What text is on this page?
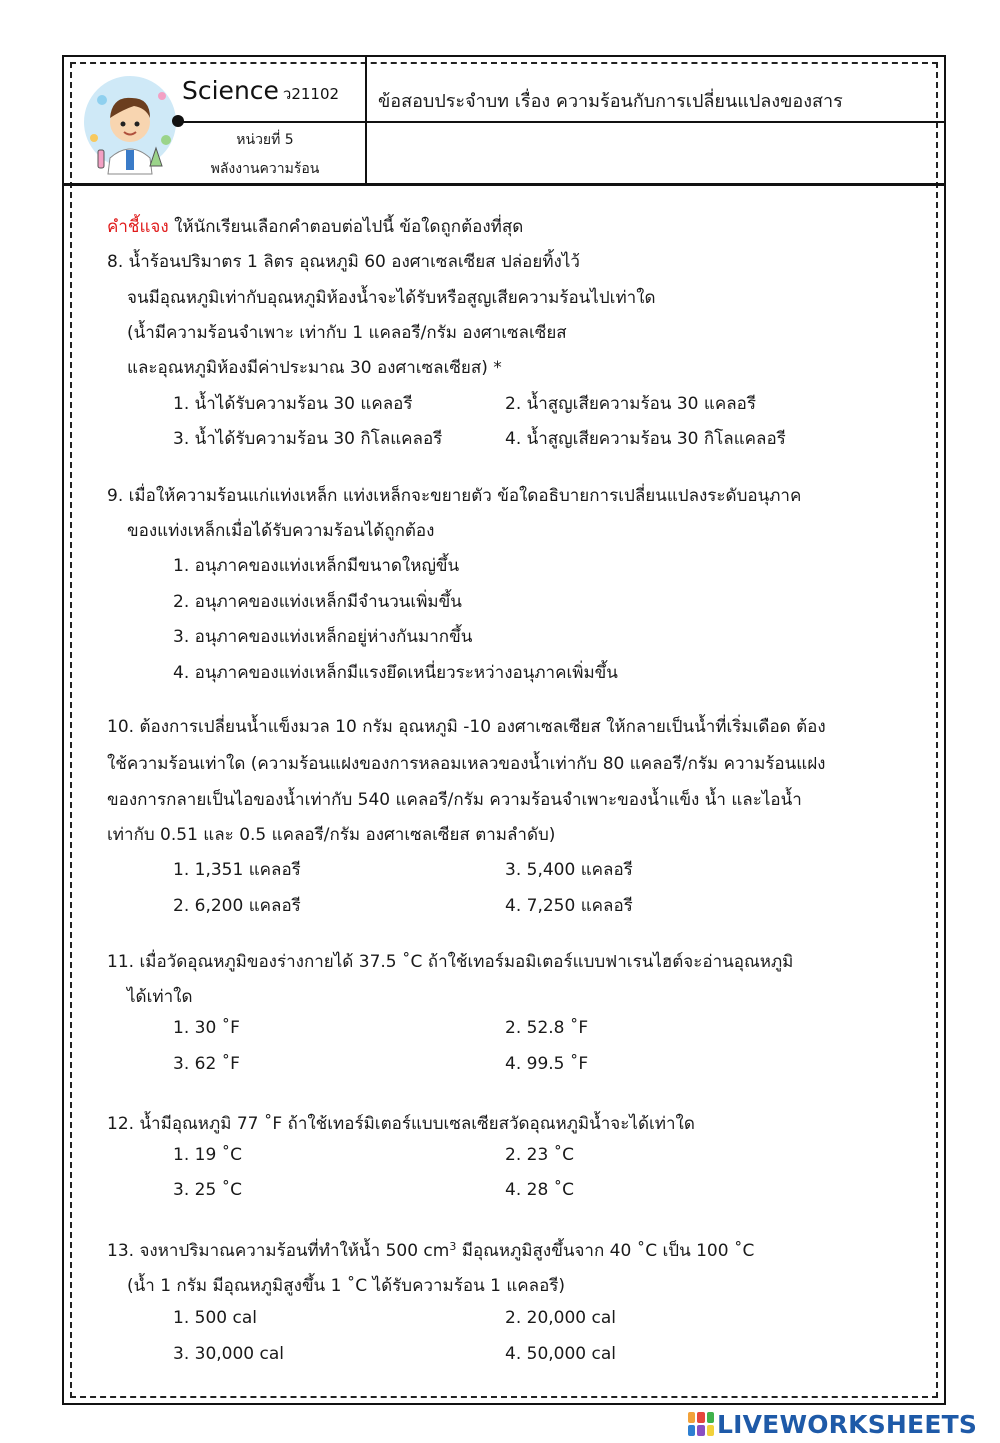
Science ว21102
หน่วยที่ 5
พลังงานความร้อน
ข้อสอบประจำบท เรื่อง ความร้อนกับการเปลี่ยนแปลงของสาร
คำชี้แจง ให้นักเรียนเลือกคำตอบต่อไปนี้ ข้อใดถูกต้องที่สุด
8. น้ำร้อนปริมาตร 1 ลิตร อุณหภูมิ 60 องศาเซลเซียส ปล่อยทิ้งไว้
จนมีอุณหภูมิเท่ากับอุณหภูมิห้องน้ำจะได้รับหรือสูญเสียความร้อนไปเท่าใด
(น้ำมีความร้อนจำเพาะ เท่ากับ 1 แคลอรี/กรัม องศาเซลเซียส
และอุณหภูมิห้องมีค่าประมาณ 30 องศาเซลเซียส) *
1. น้ำได้รับความร้อน 30 แคลอรี	2. น้ำสูญเสียความร้อน 30 แคลอรี
3. น้ำได้รับความร้อน 30 กิโลแคลอรี	4. น้ำสูญเสียความร้อน 30 กิโลแคลอรี
9. เมื่อให้ความร้อนแก่แท่งเหล็ก แท่งเหล็กจะขยายตัว ข้อใดอธิบายการเปลี่ยนแปลงระดับอนุภาค
ของแท่งเหล็กเมื่อได้รับความร้อนได้ถูกต้อง
1. อนุภาคของแท่งเหล็กมีขนาดใหญ่ขึ้น
2. อนุภาคของแท่งเหล็กมีจำนวนเพิ่มขึ้น
3. อนุภาคของแท่งเหล็กอยู่ห่างกันมากขึ้น
4. อนุภาคของแท่งเหล็กมีแรงยึดเหนี่ยวระหว่างอนุภาคเพิ่มขึ้น
10. ต้องการเปลี่ยนน้ำแข็งมวล 10 กรัม อุณหภูมิ -10 องศาเซลเซียส ให้กลายเป็นน้ำที่เริ่มเดือด ต้อง
ใช้ความร้อนเท่าใด (ความร้อนแฝงของการหลอมเหลวของน้ำเท่ากับ 80 แคลอรี/กรัม ความร้อนแฝง
ของการกลายเป็นไอของน้ำเท่ากับ 540 แคลอรี/กรัม ความร้อนจำเพาะของน้ำแข็ง น้ำ และไอน้ำ
เท่ากับ 0.51 และ 0.5 แคลอรี/กรัม องศาเซลเซียส ตามลำดับ)
1. 1,351 แคลอรี	3. 5,400 แคลอรี
2. 6,200 แคลอรี	4. 7,250 แคลอรี
11. เมื่อวัดอุณหภูมิของร่างกายได้ 37.5 ˚C ถ้าใช้เทอร์มอมิเตอร์แบบฟาเรนไฮต์จะอ่านอุณหภูมิ
ได้เท่าใด
1. 30 ˚F	2. 52.8 ˚F
3. 62 ˚F	4. 99.5 ˚F
12. น้ำมีอุณหภูมิ 77 ˚F ถ้าใช้เทอร์มิเตอร์แบบเซลเซียสวัดอุณหภูมิน้ำจะได้เท่าใด
1. 19 ˚C	2. 23 ˚C
3. 25 ˚C	4. 28 ˚C
13. จงหาปริมาณความร้อนที่ทำให้น้ำ 500 $cm^3$ มีอุณหภูมิสูงขึ้นจาก 40 ˚C เป็น 100 ˚C
(น้ำ 1 กรัม มีอุณหภูมิสูงขึ้น 1 ˚C ได้รับความร้อน 1 แคลอรี)
1. 500 cal	2. 20,000 cal
3. 30,000 cal	4. 50,000 cal
LIVEWORKSHEETS
